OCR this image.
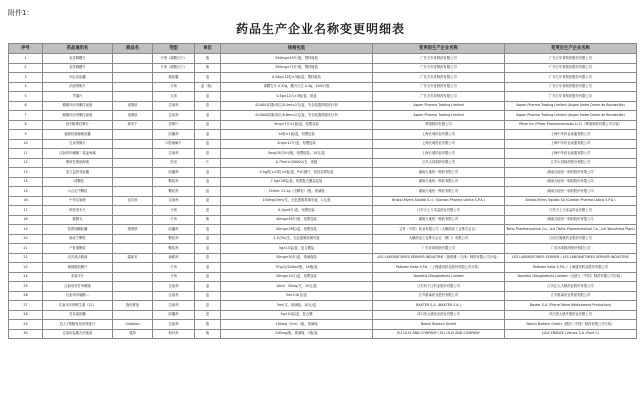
附件1：
药品生产企业名称变更明细表
序号	药品通用名	商品名	剂型	单位	规格包装	变更前生产企业名称	变更后生产企业名称
1	参芪降糖片		片剂（薄膜衣片）	瓶	350mg×45片/瓶，塑料瓶装	广东万年青制药有限公司	广东万年青制药股份有限公司
2	参芪降糖片		片剂（薄膜衣片）	瓶	350mg×72片/瓶，塑料瓶装	广东万年青制药有限公司	广东万年青制药股份有限公司
3	四合乐胶囊		硬胶囊	盒	0.28g×12粒×3板/盒，塑料板装	广东万年青制药有限公司	广东万年青制药股份有限公司
4	消炎利胆片		片剂	盒（瓶）	薄膜衣片 0.32g，糖衣片芯 0.3g，100片/瓶	广东万年青制药有限公司	广东万年青制药股份有限公司
5	胃痛片		丸剂	盒	0.5g×12丸×3板/盒，纸盒	广东万年青制药有限公司	广东万年青制药股份有限公司
6	醋酸环丙孕酮注射液	诺德欣	注射剂	盒	&10001国际单位/0.4ml×2支/盒，安全装置预填充针剂	Aspen Pharma Trading Limited	Aspen Pharma Trading Limited (Aspen Notre Dame de Bondeville)
7	醋酸环丙孕酮注射液	诺德欣	注射剂	盒	&15000国际单位/0.6ml×2支/盒，安全装置预填充针剂	Aspen Pharma Trading Limited	Aspen Pharma Trading Limited (Aspen Notre Dame de Bondeville)
8	格列吡嗪控释片	瑞易宁	控释片	盒	5mg×7片×2板/盒，铝塑包装	辉瑞制药有限公司	Pfizer Inc (Pfizer Pharmaceuticals LLC)（辉瑞制药有限公司分装）
9	氨酚烷胺咖敏胶囊		胶囊剂	盒	10粒×1板/盒，铝塑包装	上海长城药业有限公司	上海中华药业南通有限公司
10	扎来普隆片		口腔崩解片	盒	5mg×12片/盒，铝塑包装	上海长城药业有限公司	上海中华药业南通有限公司
11	注射用甲磺酸二氢麦角碱		注射剂	盒	5mg(50万IU)/瓶，铝塑板装，10支/盒	上海长城药业有限公司	上海中华药业南通有限公司
12	吸收性明胶海绵		医用	片	0.75ml×15000U/支，纸箱	江苏大同制药有限公司	江苏大同制药股份有限公司
13	复方益肝灵胶囊		胶囊剂	盒	0.5g/粒×12粒×2板/盒，PVC硬片，铝箔泡罩包装	湖南天地恒一制药有限公司	湖南天地恒一制药股份有限公司
14	一清颗粒		颗粒剂	盒	7.5g×28袋/盒，铝塑复合膜袋包装	湖南天地恒一制药有限公司	湖南天地恒一制药股份有限公司
15	六合定中颗粒		颗粒剂	盒	250ml: 21.1g（含颗粒）/瓶，玻璃瓶	湖南天地恒一制药有限公司	湖南天地恒一制药股份有限公司
16	中华注射液	伍尔欣	注射剂	盒	150mg/15ml/支，无色透明玻璃安瓿，1支/盒	Bristol-Myers Squibb S.r.l. (Gordon Pharma Latina S.P.A.)	Bristol-Myers Squibb SA (Gordon Pharma Latina S.P.A.)
17	阿昔洛韦片		片剂	盒	0.2g×6片/盒，铝塑包装	江苏天士力帝益药业有限公司	江苏天士力帝益药业有限公司
18	健脾丸		片剂	瓶	40mg×56片/瓶，铝塑包装	湖南天地恒一制药有限公司	湖南天地恒一制药股份有限公司
19	替普瑞酮胶囊	施维舒	胶囊剂	盒	50mg×28粒/盒，铝塑包装	卫材（中国）药业有限公司（大鹏药品工业株式会社）	Taiho Pharmaceutical Co., Ltd (Taiho Pharmaceutical Co., Ltd Tokushima Plant)
20	肠炎宁颗粒		颗粒剂	盒	2.5万IU/支，无色透明玻璃安瓿	大鹏药品工业株式会社（厦门）有限公司	江西天施康药业股份有限公司
21	产复康颗粒		颗粒剂	盒	5g×15袋/盒，复合膜袋	广东环球制药有限公司	广东环球制药股份有限公司
22	克贝溴点眼液	露新安	滴眼剂	盒	50mg×30片/盒，玻璃瓶装	LES LABORATOIRES SERVIER INDUSTRIE（施维雅（天津）制药有限公司分装）	LES LABORATOIRES SERVIER / LES LABORATOIRES SERVIER INDUSTRIE
23	硝钠酸泡腾片		片剂	盒	37g(1)/100ml/瓶，10瓶/盒	Pathoen Italia S.P.A.（上海通用药业股份有限公司分装）	Pathoen Italia S.P.A. / 上海通用药业股份有限公司
24	米索平片		片剂	盒	30mg×10片/盒，铝塑包装	Novartis (Bangladesh) Limited	Novartis (Bangladesh) Limited（山德士（中国）制药有限公司分装）
25	注射用异甘草酸镁		注射剂	盒	10ml：50mg/支，10支/盒	江苏扬子江药业股份有限公司	江苏正大天晴药业股份有限公司
26	注射用甲磺酸...		注射剂	盒	5ml×10支/盒	江苏豪森药业股份有限公司	江苏豪森药业集团有限公司
27	注射用多种维生素（12）	施尼维他	注射剂	盒	5ml/支，玻璃瓶，10支/盒	BAXTER S.A. (BAXTER S.A.)	Baxter S.A. (Pierre Fabre Médicament Production)
28	苦参素胶囊		胶囊剂	盒	5g×10袋/盒，复合膜	四川美大康佳乐药业有限公司	四川美大康华康药业有限公司
29	抗人T细胞兔免疫球蛋白	Grafalon	注射剂	瓶	100mg（5ml）/瓶，玻璃瓶	Neovii Biotech GmbH	Neovii Biotech GmbH（德国（中国）制药有限公司分装）
30	注射用盐酸吉西他滨	健择	粉针剂	瓶	200mg/瓶，玻璃瓶，1瓶/盒	ELI LILLY AND COMPANY / ELI LILLY AND COMPANY	LILLY FRANCE (Vianex S.A.-Plant C)
